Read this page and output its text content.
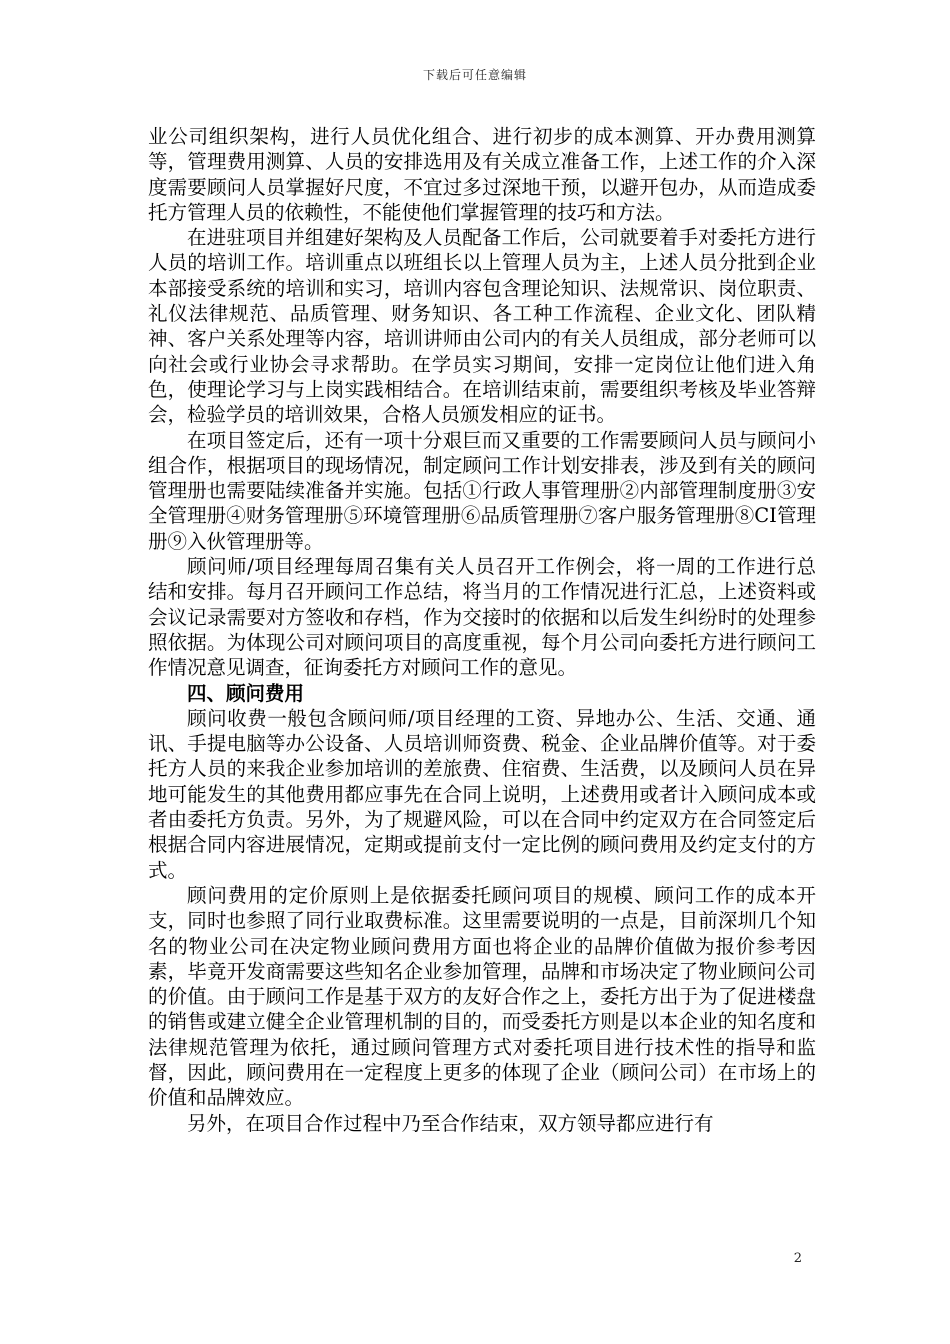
下载后可任意编辑

业公司组织架构，进行人员优化组合、进行初步的成本测算、开办费用测算等，管理费用测算、人员的安排选用及有关成立准备工作，上述工作的介入深度需要顾问人员掌握好尺度，不宜过多过深地干预，以避开包办，从而造成委托方管理人员的依赖性，不能使他们掌握管理的技巧和方法。

在进驻项目并组建好架构及人员配备工作后，公司就要着手对委托方进行人员的培训工作。培训重点以班组长以上管理人员为主，上述人员分批到企业本部接受系统的培训和实习，培训内容包含理论知识、法规常识、岗位职责、礼仪法律规范、品质管理、财务知识、各工种工作流程、企业文化、团队精神、客户关系处理等内容，培训讲师由公司内的有关人员组成，部分老师可以向社会或行业协会寻求帮助。在学员实习期间，安排一定岗位让他们进入角色，使理论学习与上岗实践相结合。在培训结束前，需要组织考核及毕业答辩会，检验学员的培训效果，合格人员颁发相应的证书。

在项目签定后，还有一项十分艰巨而又重要的工作需要顾问人员与顾问小组合作，根据项目的现场情况，制定顾问工作计划安排表，涉及到有关的顾问管理册也需要陆续准备并实施。包括①行政人事管理册②内部管理制度册③安全管理册④财务管理册⑤环境管理册⑥品质管理册⑦客户服务管理册⑧CI管理册⑨入伙管理册等。

顾问师/项目经理每周召集有关人员召开工作例会，将一周的工作进行总结和安排。每月召开顾问工作总结，将当月的工作情况进行汇总，上述资料或会议记录需要对方签收和存档，作为交接时的依据和以后发生纠纷时的处理参照依据。为体现公司对顾问项目的高度重视，每个月公司向委托方进行顾问工作情况意见调查，征询委托方对顾问工作的意见。

四、顾问费用

顾问收费一般包含顾问师/项目经理的工资、异地办公、生活、交通、通讯、手提电脑等办公设备、人员培训师资费、税金、企业品牌价值等。对于委托方人员的来我企业参加培训的差旅费、住宿费、生活费，以及顾问人员在异地可能发生的其他费用都应事先在合同上说明，上述费用或者计入顾问成本或者由委托方负责。另外，为了规避风险，可以在合同中约定双方在合同签定后根据合同内容进展情况，定期或提前支付一定比例的顾问费用及约定支付的方式。

顾问费用的定价原则上是依据委托顾问项目的规模、顾问工作的成本开支，同时也参照了同行业取费标准。这里需要说明的一点是，目前深圳几个知名的物业公司在决定物业顾问费用方面也将企业的品牌价值做为报价参考因素，毕竟开发商需要这些知名企业参加管理，品牌和市场决定了物业顾问公司的价值。由于顾问工作是基于双方的友好合作之上，委托方出于为了促进楼盘的销售或建立健全企业管理机制的目的，而受委托方则是以本企业的知名度和法律规范管理为依托，通过顾问管理方式对委托项目进行技术性的指导和监督，因此，顾问费用在一定程度上更多的体现了企业（顾问公司）在市场上的价值和品牌效应。

另外，在项目合作过程中乃至合作结束，双方领导都应进行有

2
